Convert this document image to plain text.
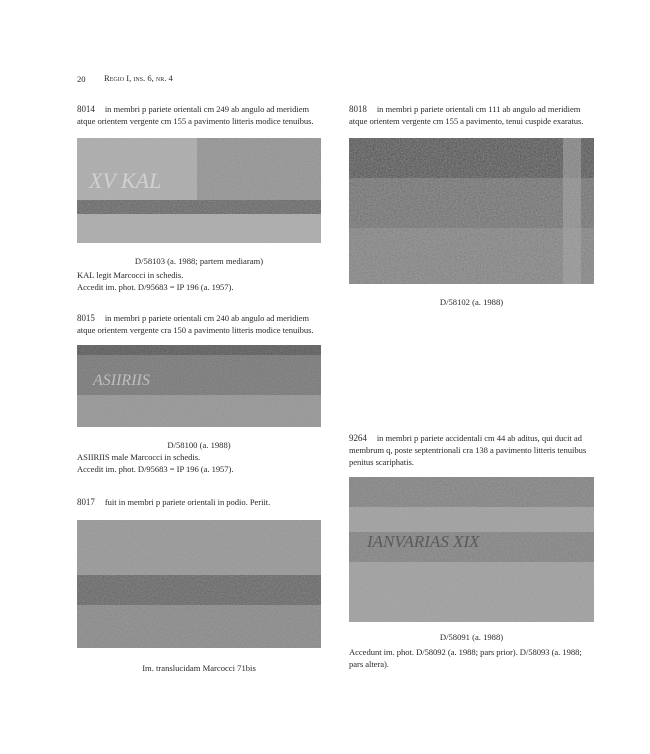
20 Regio I, ins. 6, nr. 4
8014 in membri p pariete orientali cm 249 ab angulo ad meridiem atque orientem vergente cm 155 a pavimento litteris modice tenuibus.
XV KAL
D/58103 (a. 1988; partem mediaram)
KAL legit Marcocci in schedis.
Accedit im. phot. D/95683 = IP 196 (a. 1957).
8015 in membri p pariete orientali cm 240 ab angulo ad meridiem atque orientem vergente cra 150 a pavimento litteris modice tenuibus.
ASIIRIIS
D/58100 (a. 1988)
ASIIRIIS male Marcocci in schedis.
Accedit im. phot. D/95683 = IP 196 (a. 1957).
8017 fuit in membri p pariete orientali in podio. Periit.
Im. translucidam Marcocci 71bis
8018 in membri p pariete orientali cm 111 ab angulo ad meridiem atque orientem vergente cm 155 a pavimento, tenui cuspide exaratus.
D/58102 (a. 1988)
9264 in membri p pariete accidentali cm 44 ab aditus, qui ducit ad membrum q, poste septentrionali cra 138 a pavimento litteris tenuibus penitus scariphatis.
IANVARIAS XIX
D/58091 (a. 1988)
Accedunt im. phot. D/58092 (a. 1988; pars prior). D/58093 (a. 1988; pars altera).
